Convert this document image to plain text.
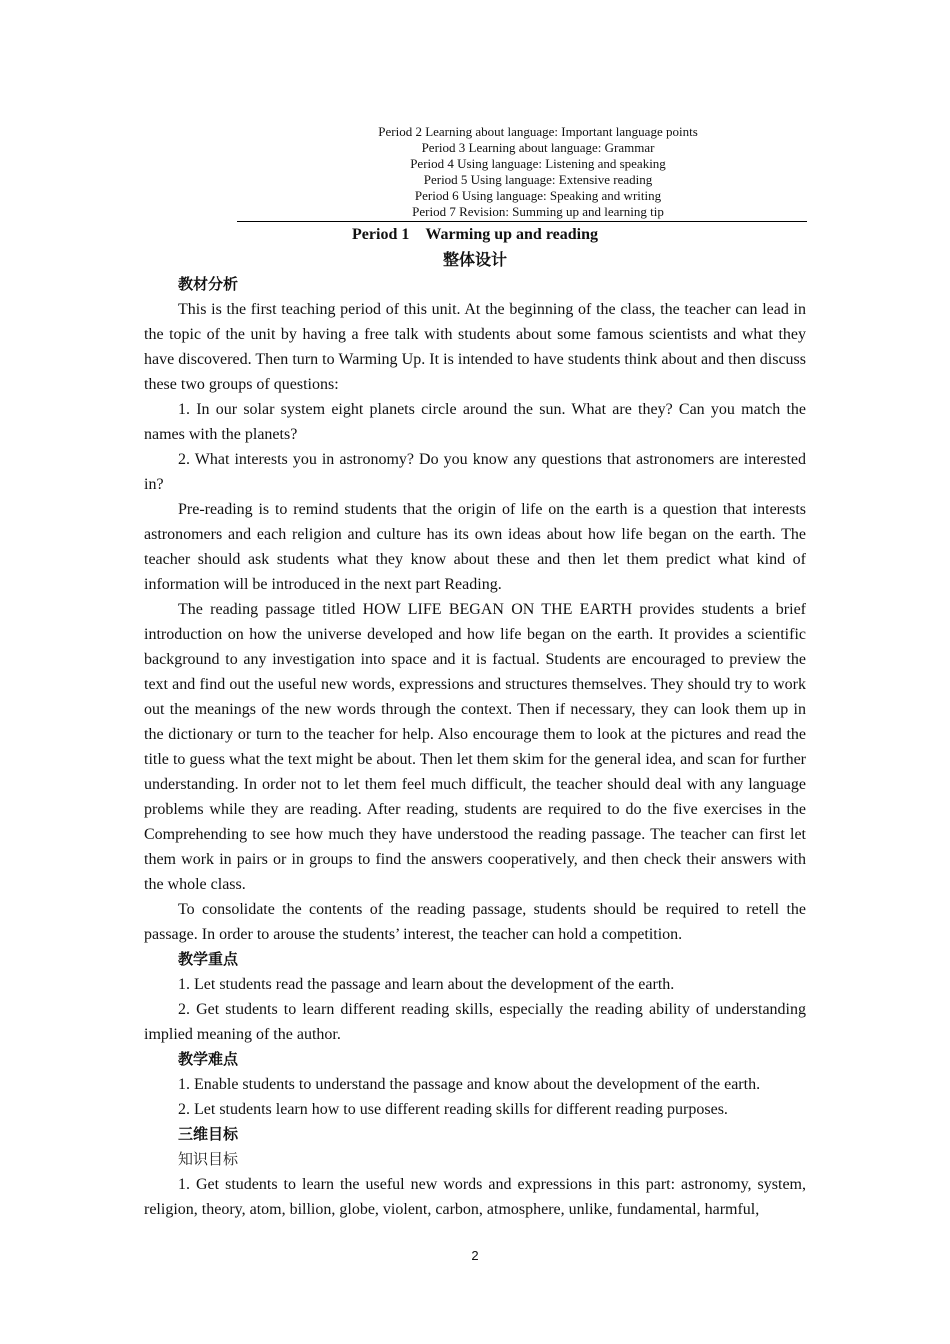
Period 2 Learning about language: Important language points
Period 3 Learning about language: Grammar
Period 4 Using language: Listening and speaking
Period 5 Using language: Extensive reading
Period 6 Using language: Speaking and writing
Period 7 Revision: Summing up and learning tip
Period 1 Warming up and reading
整体设计

教材分析

This is the first teaching period of this unit. At the beginning of the class, the teacher can lead in the topic of the unit by having a free talk with students about some famous scientists and what they have discovered. Then turn to Warming Up. It is intended to have students think about and then discuss these two groups of questions:

1. In our solar system eight planets circle around the sun. What are they? Can you match the names with the planets?

2. What interests you in astronomy? Do you know any questions that astronomers are interested in?

Pre-reading is to remind students that the origin of life on the earth is a question that interests astronomers and each religion and culture has its own ideas about how life began on the earth. The teacher should ask students what they know about these and then let them predict what kind of information will be introduced in the next part Reading.

The reading passage titled HOW LIFE BEGAN ON THE EARTH provides students a brief introduction on how the universe developed and how life began on the earth. It provides a scientific background to any investigation into space and it is factual. Students are encouraged to preview the text and find out the useful new words, expressions and structures themselves. They should try to work out the meanings of the new words through the context. Then if necessary, they can look them up in the dictionary or turn to the teacher for help. Also encourage them to look at the pictures and read the title to guess what the text might be about. Then let them skim for the general idea, and scan for further understanding. In order not to let them feel much difficult, the teacher should deal with any language problems while they are reading. After reading, students are required to do the five exercises in the Comprehending to see how much they have understood the reading passage. The teacher can first let them work in pairs or in groups to find the answers cooperatively, and then check their answers with the whole class.

To consolidate the contents of the reading passage, students should be required to retell the passage. In order to arouse the students’ interest, the teacher can hold a competition.

教学重点

1. Let students read the passage and learn about the development of the earth.

2. Get students to learn different reading skills, especially the reading ability of understanding implied meaning of the author.

教学难点

1. Enable students to understand the passage and know about the development of the earth.

2. Let students learn how to use different reading skills for different reading purposes.

三维目标

知识目标

1. Get students to learn the useful new words and expressions in this part: astronomy, system, religion, theory, atom, billion, globe, violent, carbon, atmosphere, unlike, fundamental, harmful,

2
